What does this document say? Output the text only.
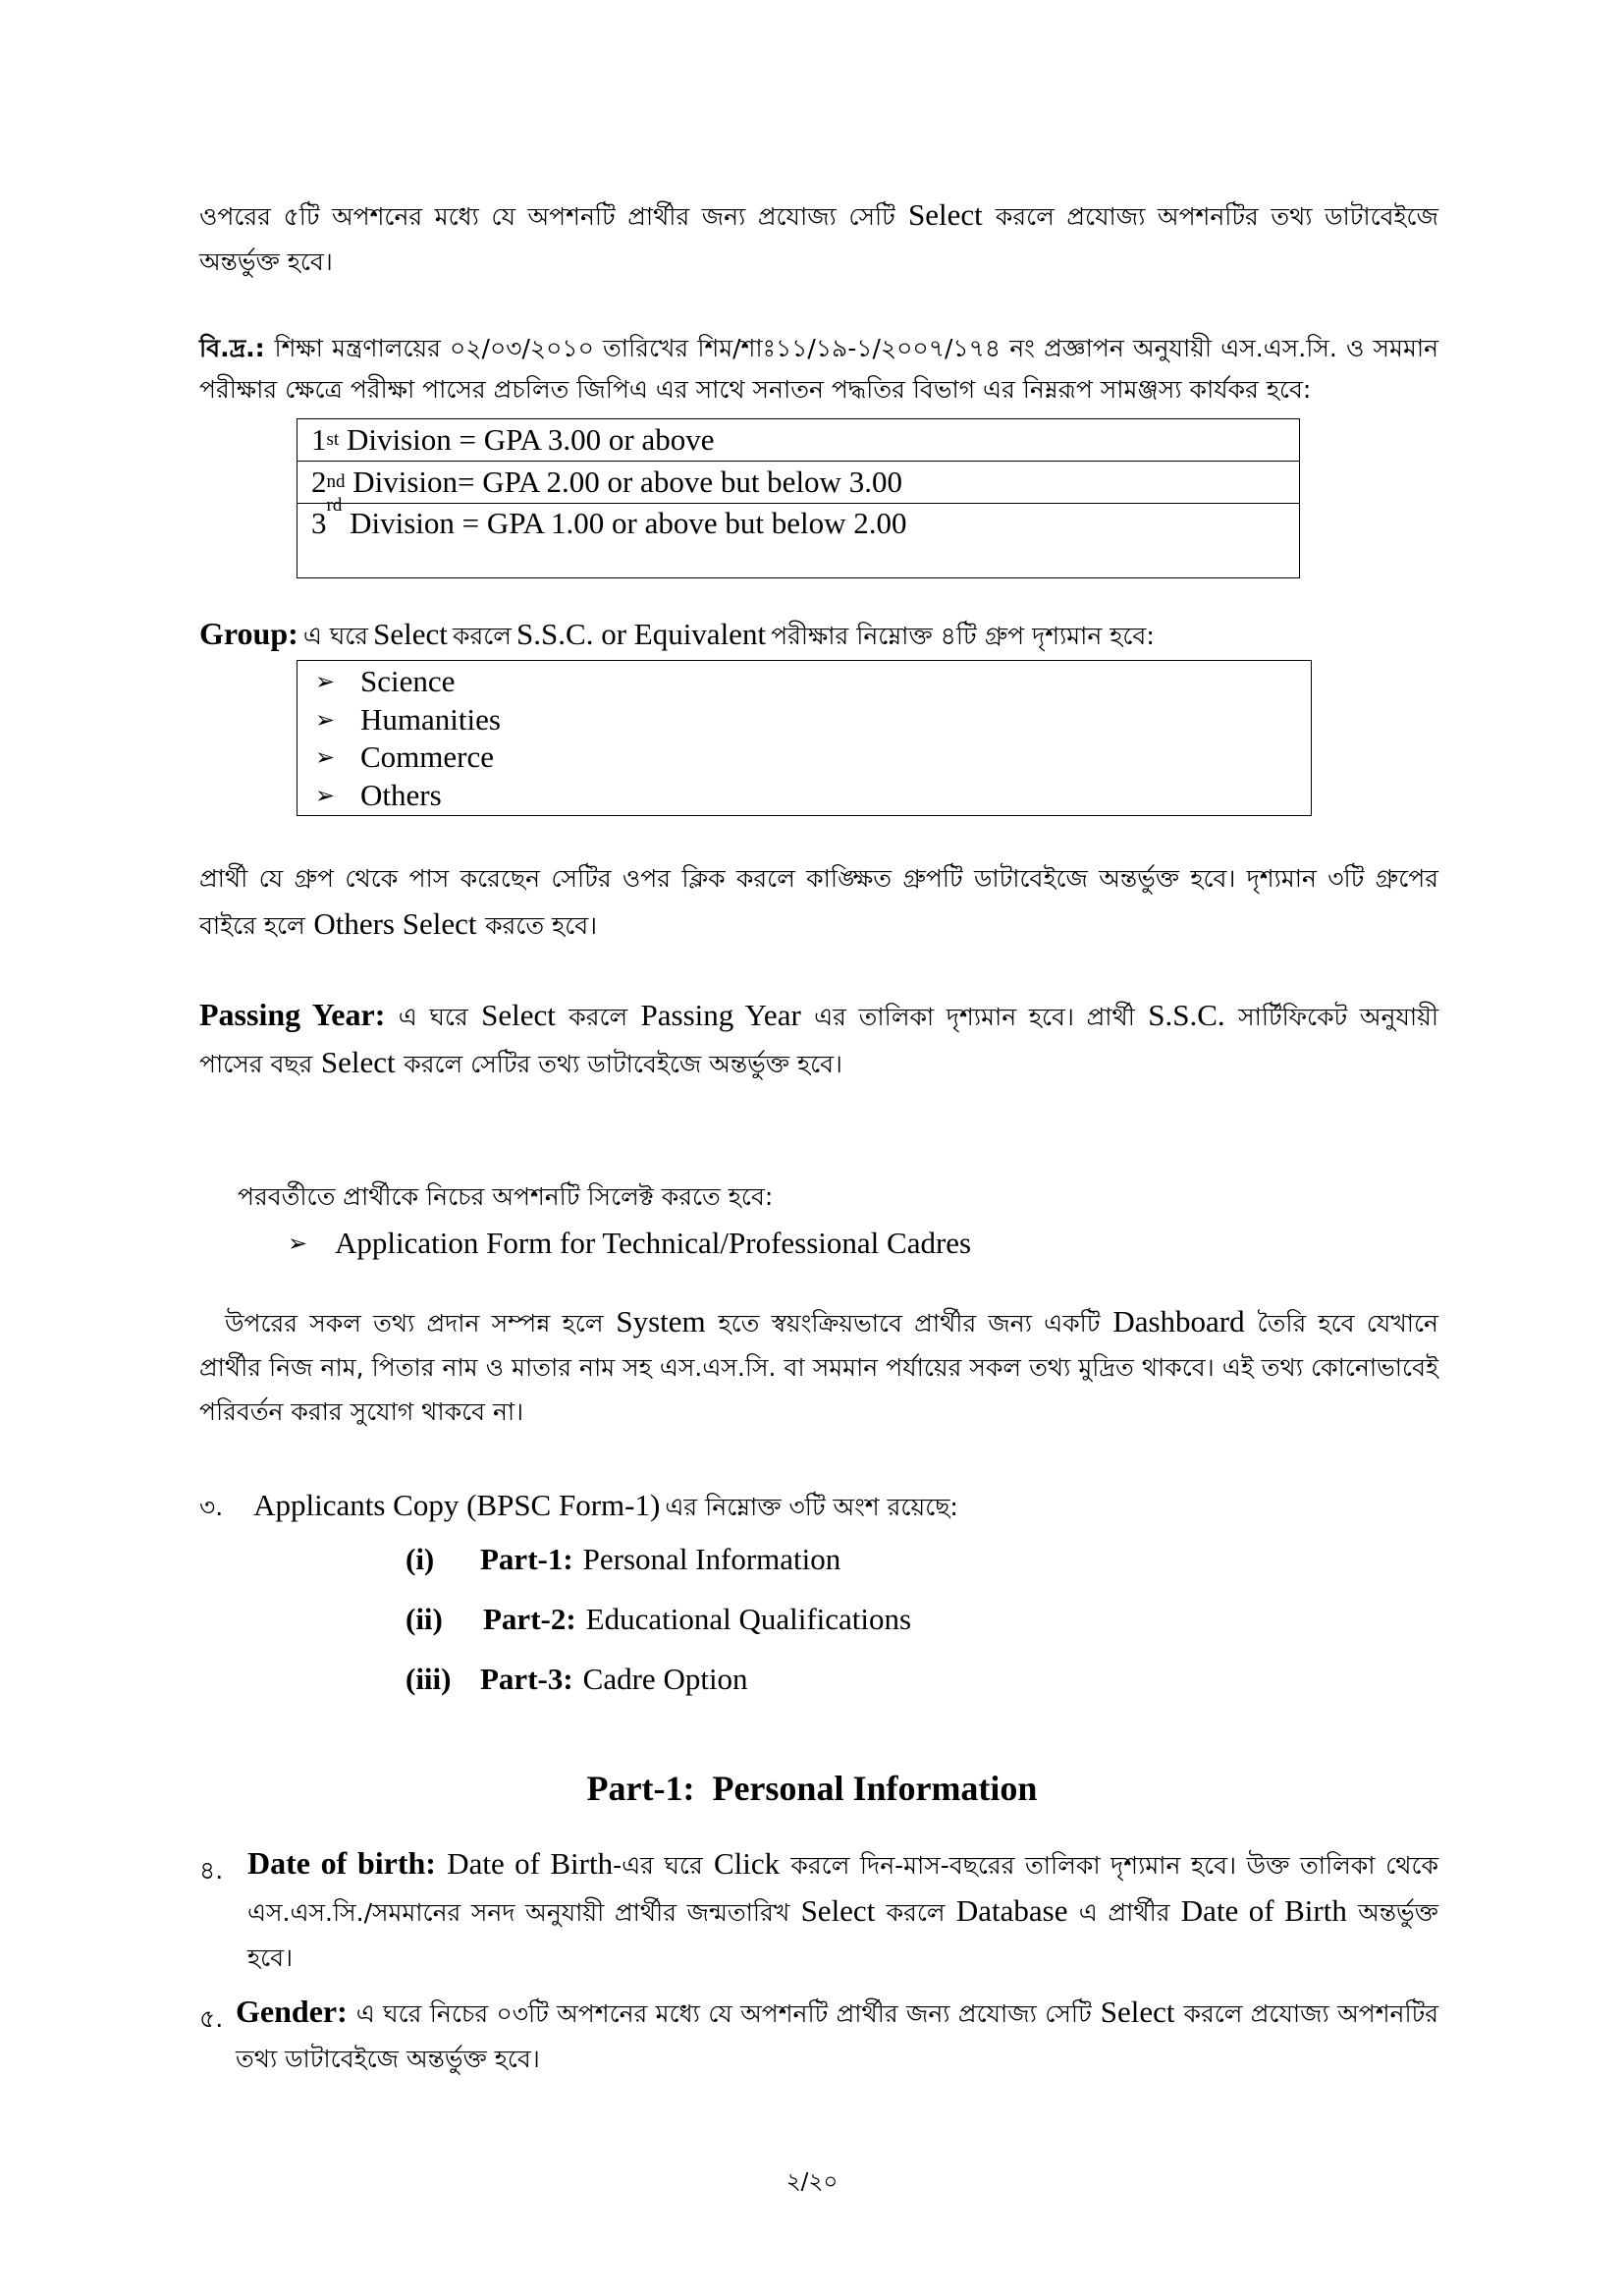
ওপরের ৫টি অপশনের মধ্যে যে অপশনটি প্রার্থীর জন্য প্রযোজ্য সেটি Select করলে প্রযোজ্য অপশনটির তথ্য ডাটাবেইজে অন্তর্ভুক্ত হবে।
বি.দ্র.: শিক্ষা মন্ত্রণালয়ের ০২/০৩/২০১০ তারিখের শিম/শাঃ১১/১৯-১/২০০৭/১৭৪ নং প্রজ্ঞাপন অনুযায়ী এস.এস.সি. ও সমমান পরীক্ষার ক্ষেত্রে পরীক্ষা পাসের প্রচলিত জিপিএ এর সাথে সনাতন পদ্ধতির বিভাগ এর নিম্নরূপ সামঞ্জস্য কার্যকর হবে:
1 st Division = GPA 3.00 or above
2 nd Division= GPA 2.00 or above but below 3.00
3
rd
Division = GPA 1.00 or above but below 2.00
Group: এ ঘরে Select করলে S.S.C. or Equivalent পরীক্ষার নিম্নোক্ত ৪টি গ্রুপ দৃশ্যমান হবে:
➢ Science
➢ Humanities
➢ Commerce
➢ Others
প্রার্থী যে গ্রুপ থেকে পাস করেছেন সেটির ওপর ক্লিক করলে কাঙ্ক্ষিত গ্রুপটি ডাটাবেইজে অন্তর্ভুক্ত হবে। দৃশ্যমান ৩টি গ্রুপের বাইরে হলে Others Select করতে হবে।
Passing Year: এ ঘরে Select করলে Passing Year এর তালিকা দৃশ্যমান হবে। প্রার্থী S.S.C. সার্টিফিকেট অনুযায়ী পাসের বছর Select করলে সেটির তথ্য ডাটাবেইজে অন্তর্ভুক্ত হবে।
পরবর্তীতে প্রার্থীকে নিচের অপশনটি সিলেক্ট করতে হবে:
➢ Application Form for Technical/Professional Cadres
উপরের সকল তথ্য প্রদান সম্পন্ন হলে System হতে স্বয়ংক্রিয়ভাবে প্রার্থীর জন্য একটি Dashboard তৈরি হবে যেখানে প্রার্থীর নিজ নাম, পিতার নাম ও মাতার নাম সহ এস.এস.সি. বা সমমান পর্যায়ের সকল তথ্য মুদ্রিত থাকবে। এই তথ্য কোনোভাবেই পরিবর্তন করার সুযোগ থাকবে না।
৩. Applicants Copy (BPSC Form-1) এর নিম্নোক্ত ৩টি অংশ রয়েছে:
(i)	Part-1: Personal Information
(ii)	Part-2: Educational Qualifications
(iii) Part-3: Cadre Option
Part-1:  Personal Information
৪. Date of birth: Date of Birth-এর ঘরে Click করলে দিন-মাস-বছরের তালিকা দৃশ্যমান হবে। উক্ত তালিকা থেকে এস.এস.সি./সমমানের সনদ অনুযায়ী প্রার্থীর জন্মতারিখ Select করলে Database এ প্রার্থীর Date of Birth অন্তর্ভুক্ত হবে।
৫. Gender: এ ঘরে নিচের ০৩টি অপশনের মধ্যে যে অপশনটি প্রার্থীর জন্য প্রযোজ্য সেটি Select করলে প্রযোজ্য অপশনটির তথ্য ডাটাবেইজে অন্তর্ভুক্ত হবে।
২/২০
